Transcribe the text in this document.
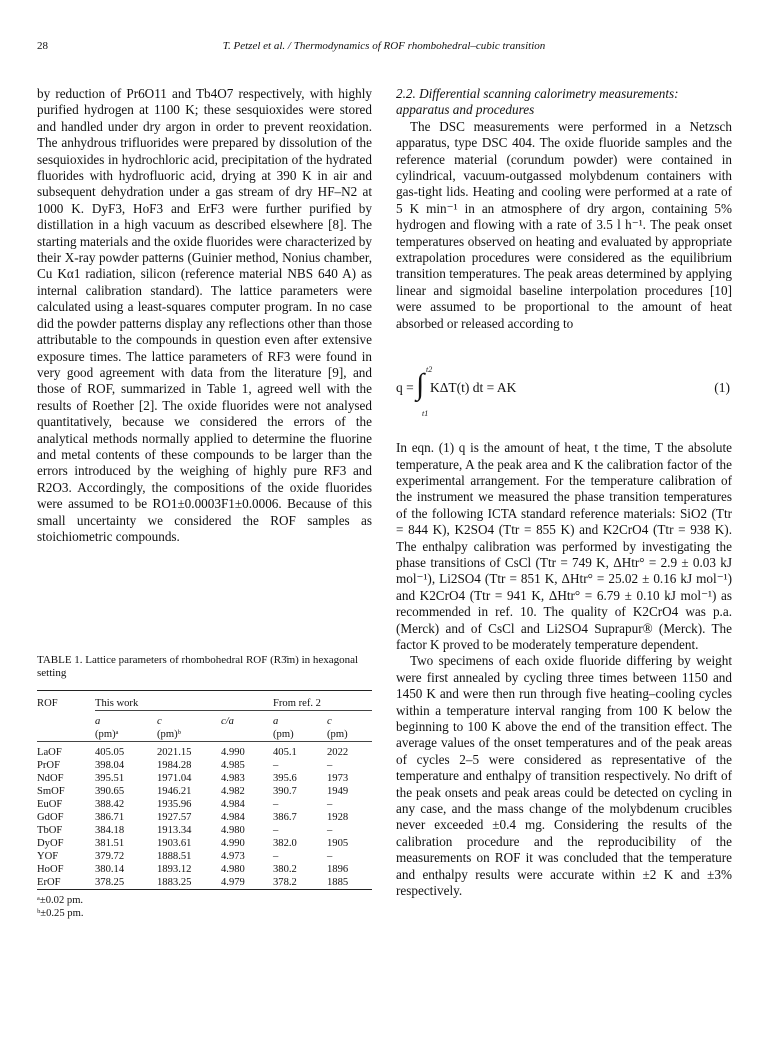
28	T. Petzel et al. / Thermodynamics of ROF rhombohedral–cubic transition

by reduction of Pr6O11 and Tb4O7 respectively, with highly purified hydrogen at 1100 K; these sesquioxides were stored and handled under dry argon in order to prevent reoxidation. The anhydrous trifluorides were prepared by dissolution of the sesquioxides in hydrochloric acid, precipitation of the hydrated fluorides with hydrofluoric acid, drying at 390 K in air and subsequent dehydration under a gas stream of dry HF–N2 at 1000 K. DyF3, HoF3 and ErF3 were further purified by distillation in a high vacuum as described elsewhere [8]. The starting materials and the oxide fluorides were characterized by their X-ray powder patterns (Guinier method, Nonius chamber, Cu Kα1 radiation, silicon (reference material NBS 640 A) as internal calibration standard). The lattice parameters were calculated using a least-squares computer program. In no case did the powder patterns display any reflections other than those attributable to the compounds in question even after extensive exposure times. The lattice parameters of RF3 were found in very good agreement with data from the literature [9], and those of ROF, summarized in Table 1, agreed well with the results of Roether [2]. The oxide fluorides were not analysed quantitatively, because we considered the errors of the analytical methods normally applied to determine the fluorine and metal contents of these compounds to be larger than the errors introduced by the weighing of highly pure RF3 and R2O3. Accordingly, the compositions of the oxide fluorides were assumed to be RO1±0.0003F1±0.0006. Because of this small uncertainty we considered the ROF samples as stoichiometric compounds.

TABLE 1. Lattice parameters of rhombohedral ROF (R3̄m) in hexagonal setting
ROF	This work			From ref. 2	

	a	c	c/a	a	c
	(pm)ᵃ	(pm)ᵇ		(pm)	(pm)

LaOF	405.05	2021.15	4.990	405.1	2022
PrOF	398.04	1984.28	4.985	–	–
NdOF	395.51	1971.04	4.983	395.6	1973
SmOF	390.65	1946.21	4.982	390.7	1949
EuOF	388.42	1935.96	4.984	–	–
GdOF	386.71	1927.57	4.984	386.7	1928
TbOF	384.18	1913.34	4.980	–	–
DyOF	381.51	1903.61	4.990	382.0	1905
YOF	379.72	1888.51	4.973	–	–
HoOF	380.14	1893.12	4.980	380.2	1896
ErOF	378.25	1883.25	4.979	378.2	1885

ᵃ±0.02 pm.
ᵇ±0.25 pm.

2.2. Differential scanning calorimetry measurements: apparatus and procedures

The DSC measurements were performed in a Netzsch apparatus, type DSC 404. The oxide fluoride samples and the reference material (corundum powder) were contained in cylindrical, vacuum-outgassed molybdenum containers with gas-tight lids. Heating and cooling were performed at a rate of 5 K min⁻¹ in an atmosphere of dry argon, containing 5% hydrogen and flowing with a rate of 3.5 l h⁻¹. The peak onset temperatures observed on heating and evaluated by appropriate extrapolation procedures were considered as the equilibrium transition temperatures. The peak areas determined by applying linear and sigmoidal baseline interpolation procedures [10] were assumed to be proportional to the amount of heat absorbed or released according to

q =
t2
∫
t1
KΔT(t) dt = AK	(1)

In eqn. (1) q is the amount of heat, t the time, T the absolute temperature, A the peak area and K the calibration factor of the experimental arrangement. For the temperature calibration of the instrument we measured the phase transition temperatures of the following ICTA standard reference materials: SiO2 (Ttr = 844 K), K2SO4 (Ttr = 855 K) and K2CrO4 (Ttr = 938 K). The enthalpy calibration was performed by investigating the phase transitions of CsCl (Ttr = 749 K, ΔHtr° = 2.9 ± 0.03 kJ mol⁻¹), Li2SO4 (Ttr = 851 K, ΔHtr° = 25.02 ± 0.16 kJ mol⁻¹) and K2CrO4 (Ttr = 941 K, ΔHtr° = 6.79 ± 0.10 kJ mol⁻¹) as recommended in ref. 10. The quality of K2CrO4 was p.a. (Merck) and of CsCl and Li2SO4 Suprapur® (Merck). The factor K proved to be moderately temperature dependent.

Two specimens of each oxide fluoride differing by weight were first annealed by cycling three times between 1150 and 1450 K and were then run through five heating–cooling cycles within a temperature interval ranging from 100 K below the beginning to 100 K above the end of the transition effect. The average values of the onset temperatures and of the peak areas of cycles 2–5 were considered as representative of the temperature and enthalpy of transition respectively. No drift of the peak onsets and peak areas could be detected on cycling in any case, and the mass change of the molybdenum crucibles never exceeded ±0.4 mg. Considering the results of the calibration procedure and the reproducibility of the measurements on ROF it was concluded that the temperature and enthalpy results were accurate within ±2 K and ±3% respectively.
